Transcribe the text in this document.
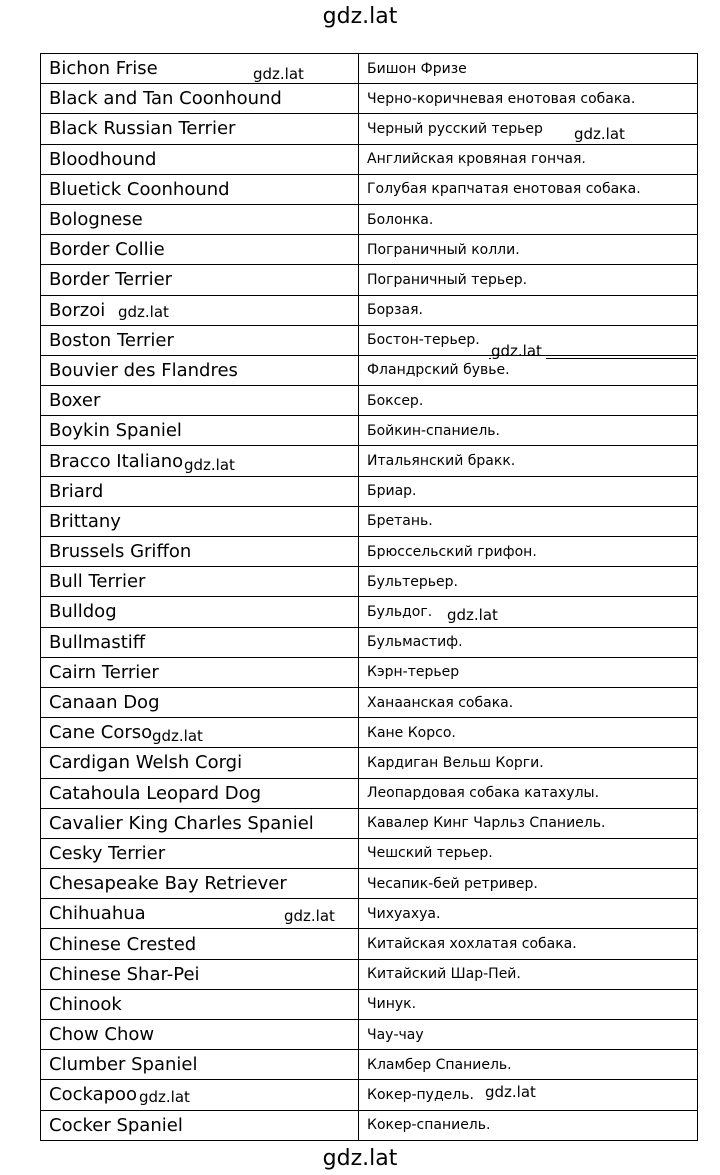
gdz.lat
Bichon Frise	Бишон Фризе
Black and Tan Coonhound	Черно-коричневая енотовая собака.
Black Russian Terrier	Черный русский терьер
Bloodhound	Английская кровяная гончая.
Bluetick Coonhound	Голубая крапчатая енотовая собака.
Bolognese	Болонка.
Border Collie	Пограничный колли.
Border Terrier	Пограничный терьер.
Borzoi	Борзая.
Boston Terrier	Бостон-терьер.
Bouvier des Flandres	Фландрский бувье.
Boxer	Боксер.
Boykin Spaniel	Бойкин-спаниель.
Bracco Italiano	Итальянский бракк.
Briard	Бриар.
Brittany	Бретань.
Brussels Griffon	Брюссельский грифон.
Bull Terrier	Бультерьер.
Bulldog	Бульдог.
Bullmastiff	Бульмастиф.
Cairn Terrier	Кэрн-терьер
Canaan Dog	Ханаанская собака.
Cane Corso	Кане Корсо.
Cardigan Welsh Corgi	Кардиган Вельш Корги.
Catahoula Leopard Dog	Леопардовая собака катахулы.
Cavalier King Charles Spaniel	Кавалер Кинг Чарльз Спаниель.
Cesky Terrier	Чешский терьер.
Chesapeake Bay Retriever	Чесапик-бей ретривер.
Chihuahua	Чихуахуа.
Chinese Crested	Китайская хохлатая собака.
Chinese Shar-Pei	Китайский Шар-Пей.
Chinook	Чинук.
Chow Chow	Чау-чау
Clumber Spaniel	Кламбер Спаниель.
Cockapoo	Кокер-пудель.
Cocker Spaniel	Кокер-спаниель.
gdz.lat
gdz.lat
gdz.lat
gdz.lat
gdz.lat
gdz.lat
gdz.lat
gdz.lat
gdz.lat	gdz.lat
gdz.lat
